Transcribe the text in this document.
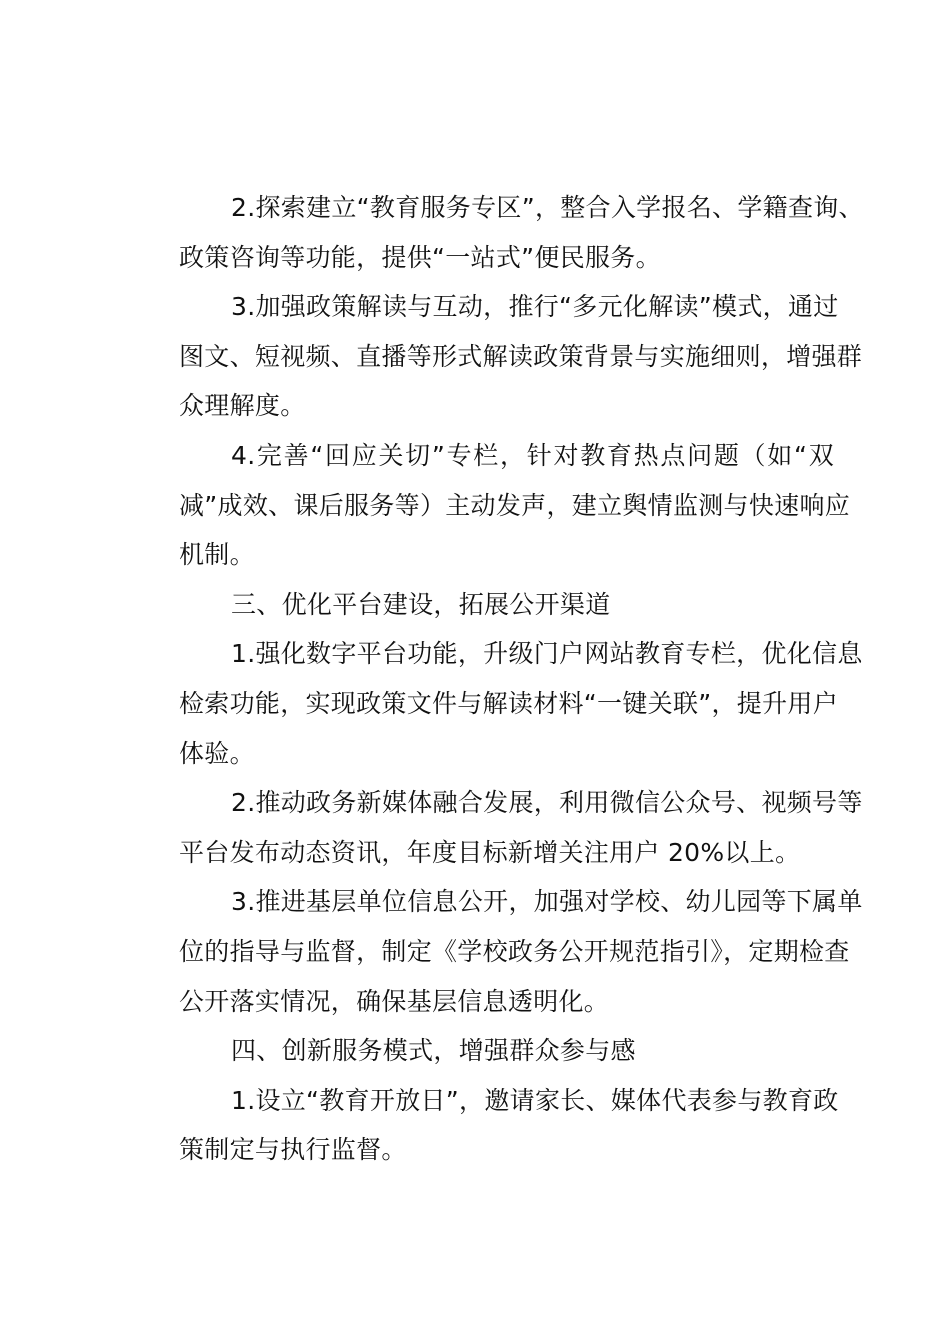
2.探索建立“教育服务专区”，整合入学报名、学籍查询、
政策咨询等功能，提供“一站式”便民服务。
3.加强政策解读与互动，推行“多元化解读”模式，通过
图文、短视频、直播等形式解读政策背景与实施细则，增强群
众理解度。
4.完善“回应关切”专栏，针对教育热点问题（如“双
减”成效、课后服务等）主动发声，建立舆情监测与快速响应
机制。
三、优化平台建设，拓展公开渠道
1.强化数字平台功能，升级门户网站教育专栏，优化信息
检索功能，实现政策文件与解读材料“一键关联”，提升用户
体验。
2.推动政务新媒体融合发展，利用微信公众号、视频号等
平台发布动态资讯，年度目标新增关注用户 20%以上。
3.推进基层单位信息公开，加强对学校、幼儿园等下属单
位的指导与监督，制定《学校政务公开规范指引》，定期检查
公开落实情况，确保基层信息透明化。
四、创新服务模式，增强群众参与感
1.设立“教育开放日”，邀请家长、媒体代表参与教育政
策制定与执行监督。
